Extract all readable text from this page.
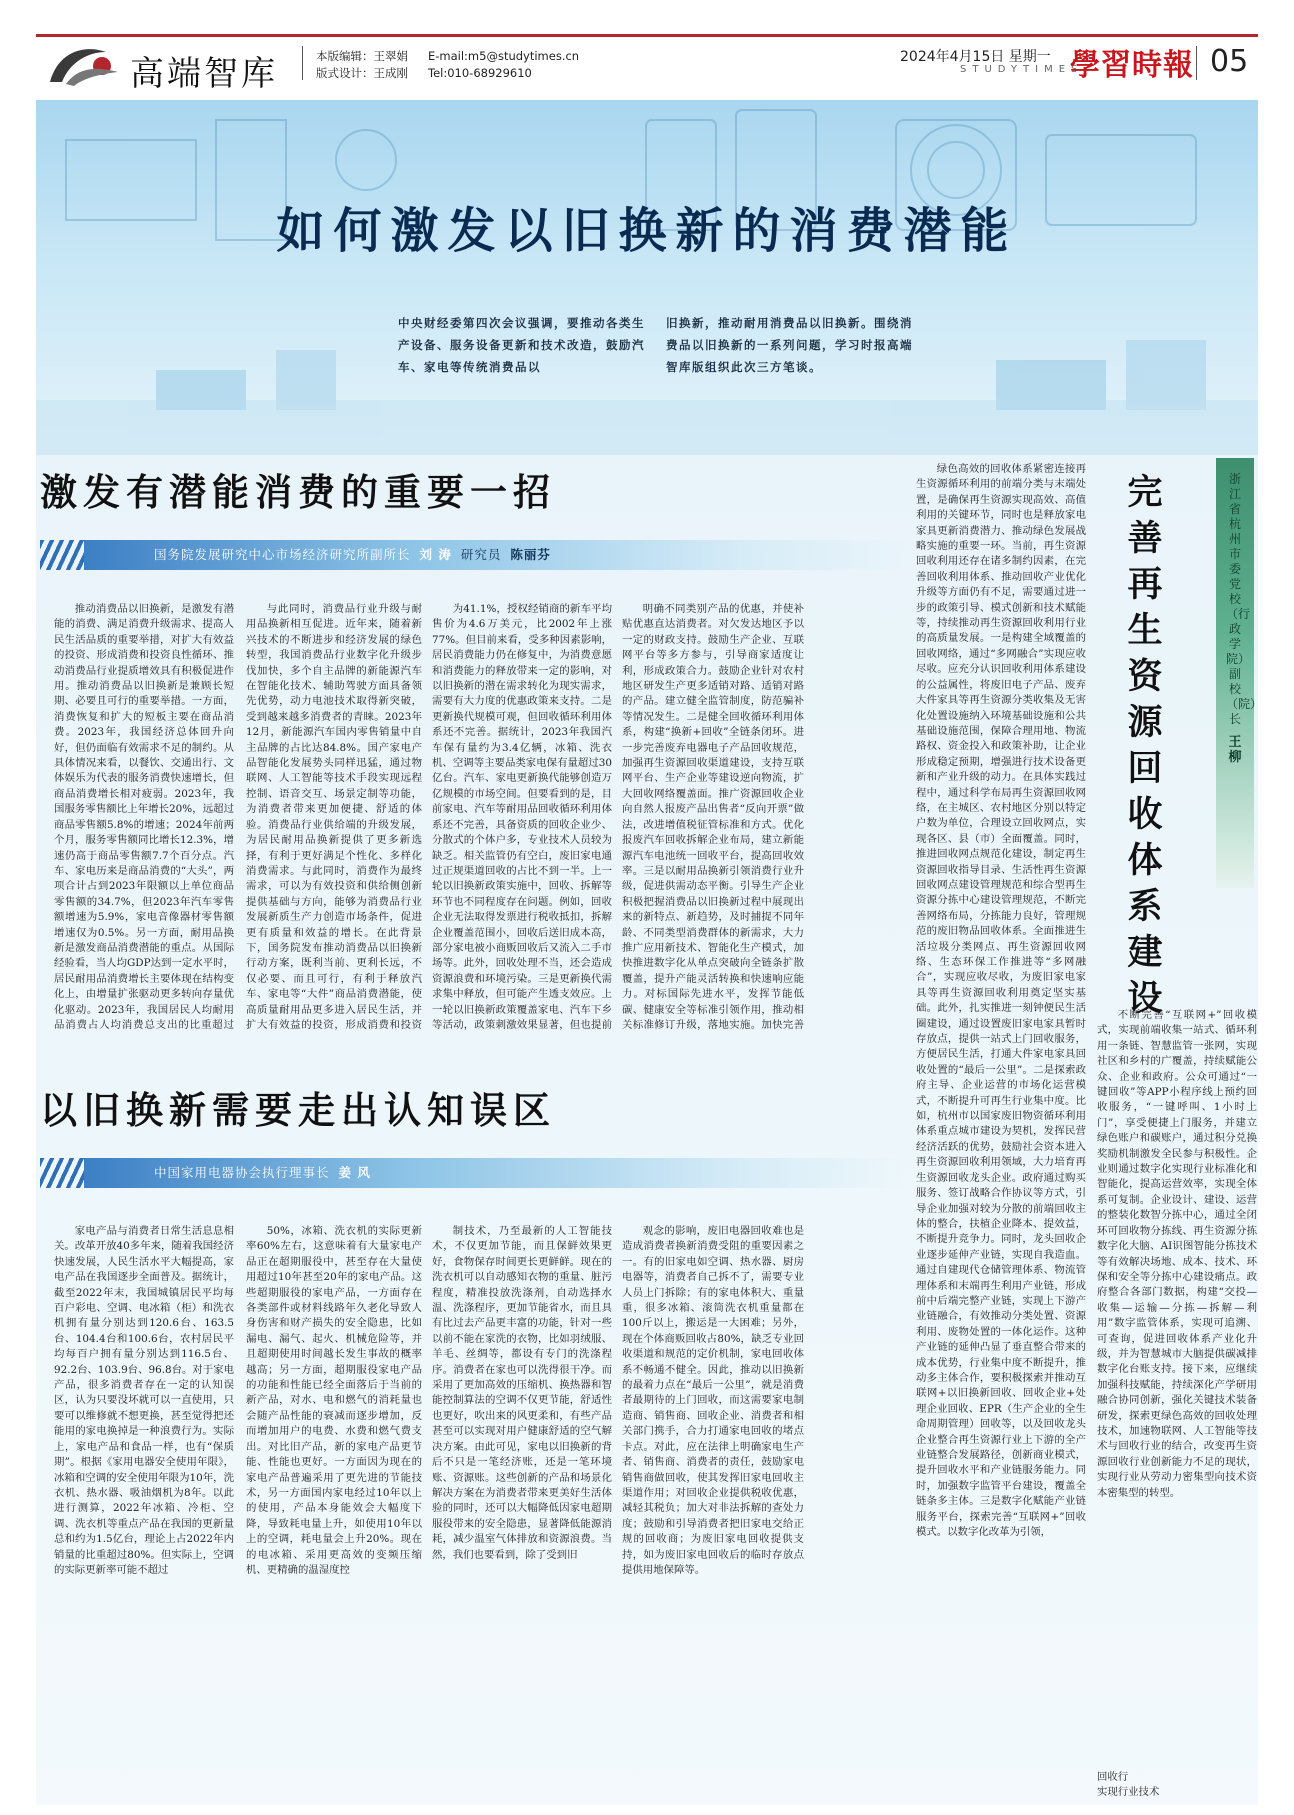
高端智库	本版编辑：王翠娟
版式设计：王成刚
E-mail:m5@studytimes.cn
Tel:010-68929610
2024年4月15日 星期一
STUDYTIMES
學習時報 05
如何激发以旧换新的消费潜能

中央财经委第四次会议强调，要推动各类生产设备、服务设备更新和技术改造，鼓励汽车、家电等传统消费品以

旧换新，推动耐用消费品以旧换新。围绕消费品以旧换新的一系列问题，学习时报高端智库版组织此次三方笔谈。

激发有潜能消费的重要一招
国务院发展研究中心市场经济研究所副所长 刘 涛 研究员 陈丽芬

推动消费品以旧换新，是激发有潜能的消费、满足消费升级需求、提高人民生活品质的重要举措，对扩大有效益的投资、形成消费和投资良性循环、推动消费品行业提质增效具有积极促进作用。推动消费品以旧换新是兼顾长短期、必要且可行的重要举措。一方面，消费恢复和扩大的短板主要在商品消费。2023年，我国经济总体回升向好，但仍面临有效需求不足的制约。从具体情况来看，以餐饮、交通出行、文体娱乐为代表的服务消费快速增长，但商品消费增长相对疲弱。2023年，我国服务零售额比上年增长20%，远超过商品零售额5.8%的增速；2024年前两个月，服务零售额同比增长12.3%，增速仍高于商品零售额7.7个百分点。汽车、家电历来是商品消费的“大头”，两项合计占到2023年限额以上单位商品零售额的34.7%，但2023年汽车零售额增速为5.9%，家电音像器材零售额增速仅为0.5%。另一方面，耐用品换新是激发商品消费潜能的重点。从国际经验看，当人均GDP达到一定水平时，居民耐用品消费增长主要体现在结构变化上，由增量扩张驱动更多转向存量优化驱动。2023年，我国居民人均耐用品消费占人均消费总支出的比重超过

与此同时，消费品行业升级与耐用品换新相互促进。近年来，随着新兴技术的不断进步和经济发展的绿色转型，我国消费品行业数字化升级步伐加快，多个自主品牌的新能源汽车在智能化技术、辅助驾驶方面具备领先优势，动力电池技术取得新突破，受到越来越多消费者的青睐。2023年12月，新能源汽车国内零售销量中自主品牌的占比达84.8%。国产家电产品智能化发展势头同样迅猛，通过物联网、人工智能等技术手段实现远程控制、语音交互、场景定制等功能，为消费者带来更加便捷、舒适的体验。消费品行业供给端的升级发展，为居民耐用品换新提供了更多新选择，有利于更好满足个性化、多样化消费需求。与此同时，消费作为最终需求，可以为有效投资和供给侧创新提供基础与方向，能够为消费品行业发展新质生产力创造市场条件，促进更有质量和效益的增长。在此背景下，国务院发布推动消费品以旧换新行动方案，既利当前、更利长远，不仅必要、而且可行，有利于释放汽车、家电等“大件”商品消费潜能，使高质量耐用品更多进入居民生活，并扩大有效益的投资，形成消费和投资

为41.1%，授权经销商的新车平均售价为4.6万美元，比2002年上涨77%。但目前来看，受多种因素影响，居民消费能力仍在修复中，为消费意愿和消费能力的释放带来一定的影响，对以旧换新的潜在需求转化为现实需求，需要有大力度的优惠政策来支持。二是更新换代规模可观，但回收循环利用体系还不完善。据统计，2023年我国汽车保有量约为3.4亿辆，冰箱、洗衣机、空调等主要品类家电保有量超过30亿台。汽车、家电更新换代能够创造万亿规模的市场空间。但要看到的是，目前家电、汽车等耐用品回收循环利用体系还不完善，具备资质的回收企业少、分散式的个体户多，专业技术人员较为缺乏。相关监管仍有空白，废旧家电通过正规渠道回收的占比不到一半。上一轮以旧换新政策实施中，回收、拆解等环节也不同程度存在问题。例如，回收企业无法取得发票进行税收抵扣，拆解企业覆盖范围小，回收后送旧成本高，部分家电被小商贩回收后又流入二手市场等。此外，回收处理不当，还会造成资源浪费和环境污染。三是更新换代需求集中释放，但可能产生透支效应。上一轮以旧换新政策覆盖家电、汽车下乡等活动，政策刺激效果显著，但也提前

明确不同类别产品的优惠，并使补贴优惠直达消费者。对欠发达地区予以一定的财政支持。鼓励生产企业、互联网平台等多方参与，引导商家适度让利，形成政策合力。鼓励企业针对农村地区研发生产更多适销对路、适销对路的产品。建立健全监管制度，防范骗补等情况发生。二是健全回收循环利用体系，构建“换新+回收”全链条闭环。进一步完善废弃电器电子产品回收规范，加强再生资源回收渠道建设，支持互联网平台、生产企业等建设逆向物流，扩大回收网络覆盖面。推广资源回收企业向自然人报废产品出售者“反向开票”做法，改进增值税征管标准和方式。优化报废汽车回收拆解企业布局，建立新能源汽车电池统一回收平台，提高回收效率。三是以耐用品换新引领消费行业升级，促进供需动态平衡。引导生产企业积极把握消费品以旧换新过程中展现出来的新特点、新趋势，及时捕捉不同年龄、不同类型消费群体的新需求，大力推广应用新技术、智能化生产模式，加快推进数字化从单点突破向全链条扩散覆盖，提升产能灵活转换和快速响应能力。对标国际先进水平，发挥节能低碳、健康安全等标准引领作用，推动相关标准修订升级，落地实施。加快完善

以旧换新需要走出认知误区
中国家用电器协会执行理事长 姜 风

家电产品与消费者日常生活息息相关。改革开放40多年来，随着我国经济快速发展，人民生活水平大幅提高，家电产品在我国逐步全面普及。据统计，截至2022年末，我国城镇居民平均每百户彩电、空调、电冰箱（柜）和洗衣机拥有量分别达到120.6台、163.5台、104.4台和100.6台，农村居民平均每百户拥有量分别达到116.5台、92.2台、103.9台、96.8台。对于家电产品，很多消费者存在一定的认知误区，认为只要没坏就可以一直使用，只要可以维修就不想更换，甚至觉得把还能用的家电换掉是一种浪费行为。实际上，家电产品和食品一样，也有“保质期”。根据《家用电器安全使用年限》，冰箱和空调的安全使用年限为10年，洗衣机、热水器、吸油烟机为8年。以此进行测算，2022年冰箱、冷柜、空调、洗衣机等重点产品在我国的更新量总和约为1.5亿台，理论上占2022年内销量的比重超过80%。但实际上，空调的实际更新率可能不超过

50%，冰箱、洗衣机的实际更新率60%左右，这意味着有大量家电产品正在超期服役中，甚至存在大量使用超过10年甚至20年的家电产品。这些超期服役的家电产品，一方面存在各类部件或材料线路年久老化导致人身伤害和财产损失的安全隐患，比如漏电、漏气、起火、机械危险等，并且超期使用时间越长发生事故的概率越高；另一方面，超期服役家电产品的功能和性能已经全面落后于当前的新产品，对水、电和燃气的消耗量也会随产品性能的衰减而逐步增加，反而增加用户的电费、水费和燃气费支出。对比旧产品，新的家电产品更节能、性能也更好。一方面因为现在的家电产品普遍采用了更先进的节能技术，另一方面国内家电经过10年以上的使用，产品本身能效会大幅度下降，导致耗电量上升，如使用10年以上的空调，耗电量会上升20%。现在的电冰箱、采用更高效的变频压缩机、更精确的温湿度控

制技术，乃至最新的人工智能技术，不仅更加节能，而且保鲜效果更好，食物保存时间更长更鲜鲜。现在的洗衣机可以自动感知衣物的重量、脏污程度，精准投放洗涤剂，自动选择水温、洗涤程序，更加节能省水，而且具有比过去产品更丰富的功能，针对一些以前不能在家洗的衣物，比如羽绒服、羊毛、丝绸等，都设有专门的洗涤程序。消费者在家也可以洗得很干净。而采用了更加高效的压缩机、换热器和智能控制算法的空调不仅更节能，舒适性也更好，吹出来的风更柔和，有些产品甚至可以实现对用户健康舒适的空气解决方案。由此可见，家电以旧换新的背后不只是一笔经济账，还是一笔环境账、资源账。这些创新的产品和场景化解决方案在为消费者带来更美好生活体验的同时，还可以大幅降低因家电超期服役带来的安全隐患，显著降低能源消耗，减少温室气体排放和资源浪费。当然，我们也要看到，除了受到旧

观念的影响，废旧电器回收难也是造成消费者换新消费受阻的重要因素之一。有的旧家电如空调、热水器、厨房电器等，消费者自己拆不了，需要专业人员上门拆除；有的家电体积大、重量重，很多冰箱、滚筒洗衣机重量都在100斤以上，搬运是一大困难；另外，现在个体商贩回收占80%，缺乏专业回收渠道和规范的定价机制，家电回收体系不畅通不健全。因此，推动以旧换新的最着力点在“最后一公里”，就是消费者最期待的上门回收，而这需要家电制造商、销售商、回收企业、消费者和相关部门携手，合力打通家电回收的堵点卡点。对此，应在法律上明确家电生产者、销售商、消费者的责任，鼓励家电销售商做回收，使其发挥旧家电回收主渠道作用；对回收企业提供税收优惠，减轻其税负；加大对非法拆解的查处力度；鼓励和引导消费者把旧家电交给正规的回收商；为废旧家电回收提供支持，如为废旧家电回收后的临时存放点提供用地保障等。

绿色高效的回收体系紧密连接再生资源循环利用的前端分类与末端处置，是确保再生资源实现高效、高值利用的关键环节，同时也是释放家电家具更新消费潜力、推动绿色发展战略实施的重要一环。当前，再生资源回收利用还存在诸多制约因素，在完善回收利用体系、推动回收产业优化升级等方面仍有不足，需要通过进一步的政策引导、模式创新和技术赋能等，持续推动再生资源回收利用行业的高质量发展。一是构建全域覆盖的回收网络，通过“多网融合”实现应收尽收。应充分认识回收利用体系建设的公益属性，将废旧电子产品、废弃大件家具等再生资源分类收集及无害化处置设施纳入环境基础设施和公共基础设施范围，保障合理用地、物流路权、资金投入和政策补助，让企业形成稳定预期，增强进行技术设备更新和产业升级的动力。在具体实践过程中，通过科学布局再生资源回收网络，在主城区、农村地区分别以特定户数为单位，合理设立回收网点，实现各区、县（市）全面覆盖。同时，推进回收网点规范化建设，制定再生资源回收指导目录、生活性再生资源回收网点建设管理规范和综合型再生资源分拣中心建设管理规范，不断完善网络布局，分拣能力良好，管理规范的废旧物品回收体系。全面推进生活垃圾分类网点、再生资源回收网络、生态环保工作推进等“多网融合”，实现应收尽收，为废旧家电家具等再生资源回收利用奠定坚实基础。此外，扎实推进一刻钟便民生活圈建设，通过设置废旧家电家具暂时存放点，提供一站式上门回收服务，方便居民生活，打通大件家电家具回收处置的“最后一公里”。二是探索政府主导、企业运营的市场化运营模式，不断提升可再生行业集中度。比如，杭州市以国家废旧物资循环利用体系重点城市建设为契机，发挥民营经济活跃的优势，鼓励社会资本进入再生资源回收利用领域，大力培育再生资源回收龙头企业。政府通过购买服务、签订战略合作协议等方式，引导企业加强对较为分散的前端回收主体的整合，扶植企业降本、提效益，不断提升竞争力。同时，龙头回收企业逐步延伸产业链，实现自我造血。通过自建现代仓储管理体系、物流管理体系和末端再生利用产业链，形成前中后端完整产业链，实现上下游产业链融合，有效推动分类处置、资源利用、废物处置的一体化运作。这种产业链的延伸凸显了垂直整合带来的成本优势，行业集中度不断提升，推动多主体合作，要积极探索并推动互联网+以旧换新回收、回收企业+处理企业回收、EPR（生产企业的全生命周期管理）回收等，以及回收龙头企业整合再生资源行业上下游的全产业链整合发展路径，创新商业模式，提升回收水平和产业链服务能力。同时，加强数字监管平台建设，覆盖全链条多主体。三是数字化赋能产业链服务平台，探索完善“互联网+”回收模式。以数字化改革为引领，

完善再生资源回收体系建设
浙江省杭州市委党校（行政学院）副校（院）长
王柳

不断完善“互联网+”回收模式，实现前端收集一站式、循环利用一条链、智慧监管一张网，实现社区和乡村的广覆盖，持续赋能公众、企业和政府。公众可通过“一键回收”等APP小程序线上预约回收服务，“一键呼叫、1小时上门”，享受便捷上门服务，并建立绿色账户和碳账户，通过积分兑换奖励机制激发全民参与积极性。企业则通过数字化实现行业标准化和智能化，提高运营效率，实现全体系可复制。企业设计、建设、运营的整装化数智分拣中心，通过全闭环可回收物分拣线、再生资源分拣数字化大脑、AI识图智能分拣技术等有效解决场地、成本、技术、环保和安全等分拣中心建设痛点。政府整合各部门数据，构建“交投—收集—运输—分拣—拆解—利用”数字监管体系，实现可追溯、可查询，促进回收体系产业化升级，并为智慧城市大脑提供碳减排数字化台账支持。接下来，应继续加强科技赋能，持续深化产学研用融合协同创新，强化关键技术装备研发，探索更绿色高效的回收处理技术，加速物联网、人工智能等技术与回收行业的结合，改变再生资源回收行业创新能力不足的现状，实现行业从劳动力密集型向技术资本密集型的转型。

回收行
实现行业技术
